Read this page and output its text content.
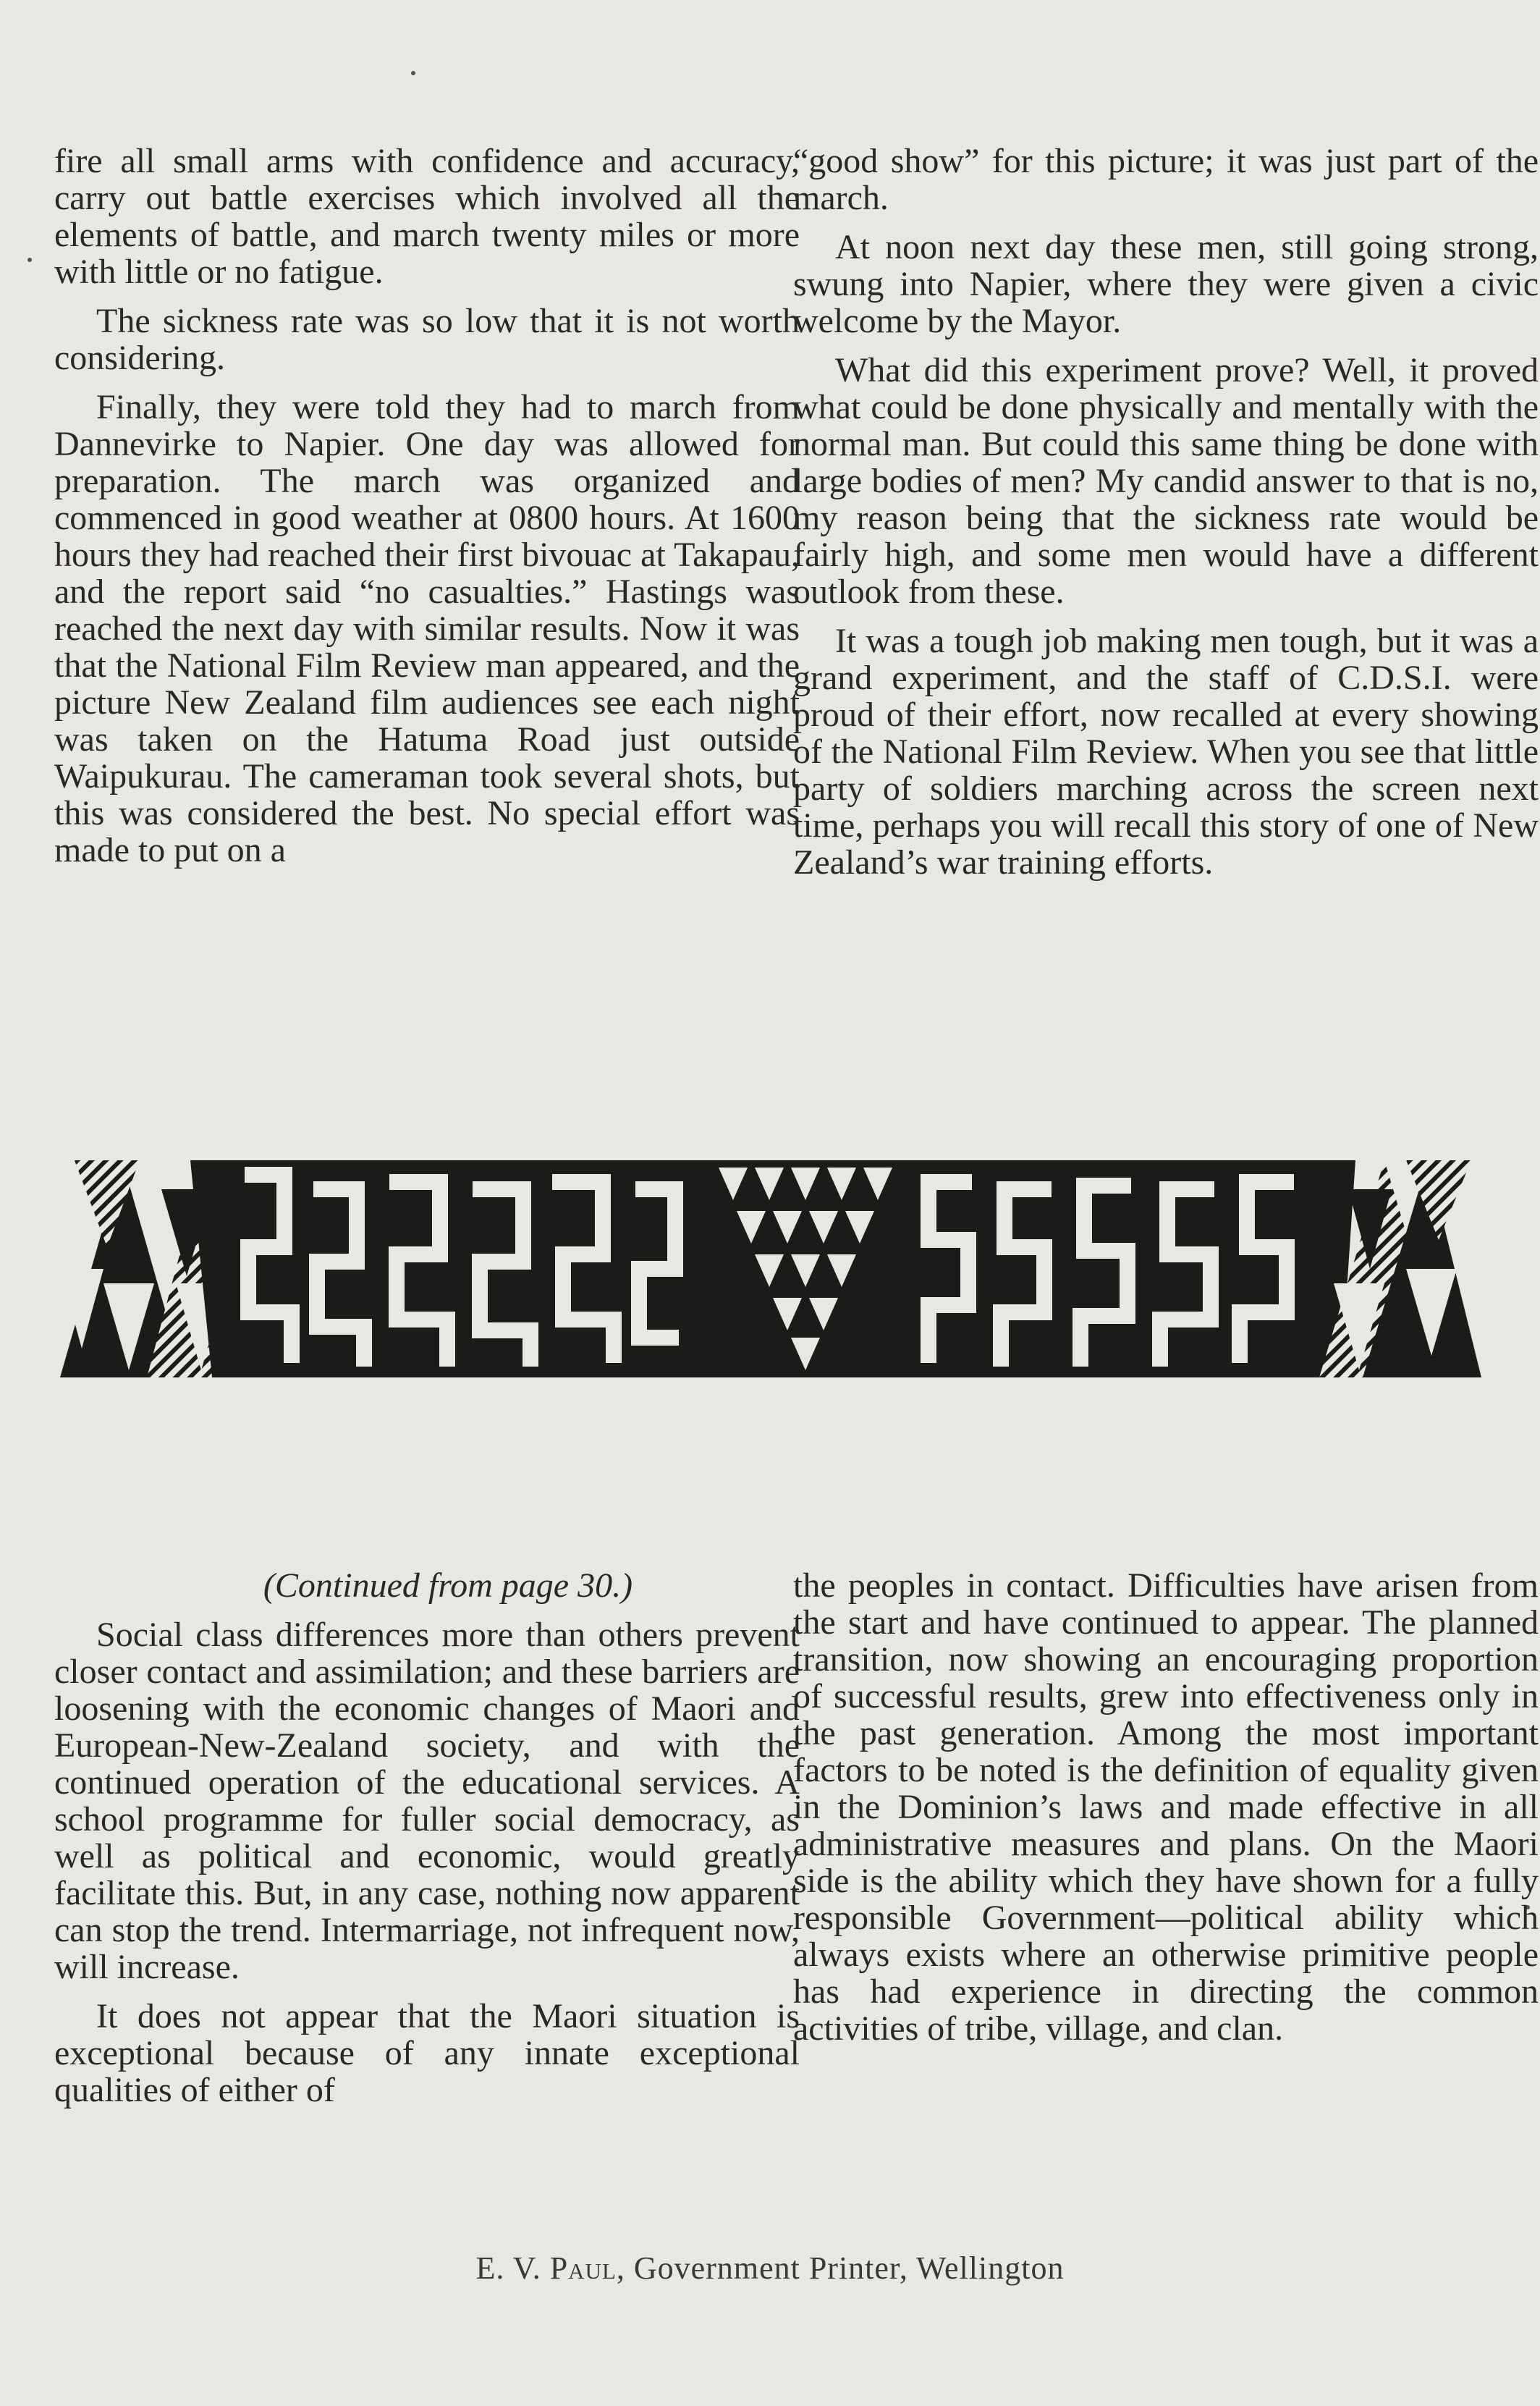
fire all small arms with confidence and accuracy, carry out battle exercises which involved all the elements of battle, and march twenty miles or more with little or no fatigue.

The sickness rate was so low that it is not worth considering.

Finally, they were told they had to march from Dannevirke to Napier. One day was allowed for preparation. The march was organized and commenced in good weather at 0800 hours. At 1600 hours they had reached their first bivouac at Takapau, and the report said “no casualties.” Hastings was reached the next day with similar results. Now it was that the National Film Review man appeared, and the picture New Zealand film audiences see each night was taken on the Hatuma Road just outside Waipukurau. The cameraman took several shots, but this was considered the best. No special effort was made to put on a

“good show” for this picture; it was just part of the march.

At noon next day these men, still going strong, swung into Napier, where they were given a civic welcome by the Mayor.

What did this experiment prove? Well, it proved what could be done physically and mentally with the normal man. But could this same thing be done with large bodies of men? My candid answer to that is no, my reason being that the sickness rate would be fairly high, and some men would have a different outlook from these.

It was a tough job making men tough, but it was a grand experiment, and the staff of C.D.S.I. were proud of their effort, now recalled at every showing of the National Film Review. When you see that little party of soldiers marching across the screen next time, perhaps you will recall this story of one of New Zealand’s war training efforts.

(Continued from page 30.)

Social class differences more than others prevent closer contact and assimilation; and these barriers are loosening with the economic changes of Maori and European-New-Zealand society, and with the continued operation of the educational services. A school programme for fuller social democracy, as well as political and economic, would greatly facilitate this. But, in any case, nothing now apparent can stop the trend. Intermarriage, not infrequent now, will increase.

It does not appear that the Maori situation is exceptional because of any innate exceptional qualities of either of

the peoples in contact. Difficulties have arisen from the start and have continued to appear. The planned transition, now showing an encouraging proportion of successful results, grew into effectiveness only in the past generation. Among the most important factors to be noted is the definition of equality given in the Dominion’s laws and made effective in all administrative measures and plans. On the Maori side is the ability which they have shown for a fully responsible Government—political ability which always exists where an otherwise primitive people has had experience in directing the common activities of tribe, village, and clan.

E. V. Paul, Government Printer, Wellington
